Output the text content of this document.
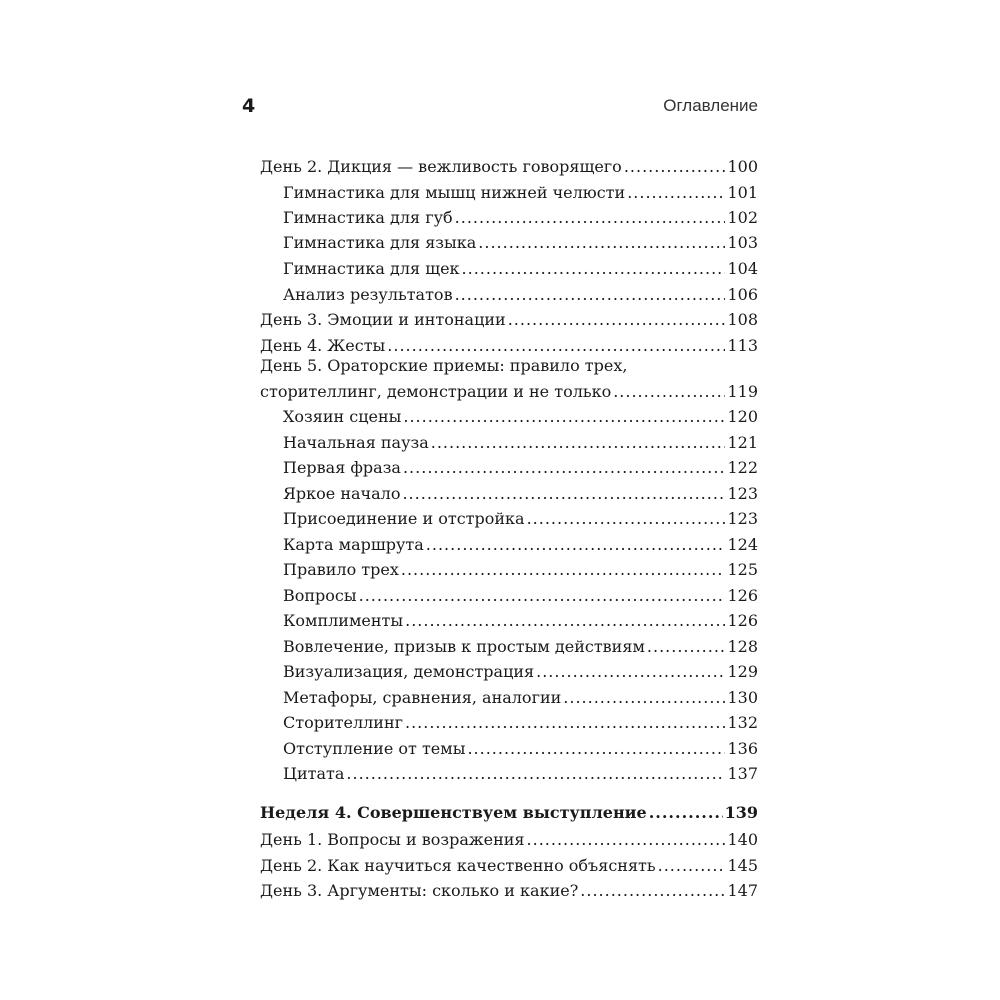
4	Оглавление
День 2. Дикция — вежливость говорящего .....	100
Гимнастика для мышц нижней челюсти .....	101
Гимнастика для губ .....	102
Гимнастика для языка .....	103
Гимнастика для щек .....	104
Анализ результатов .....	106
День 3. Эмоции и интонации .....	108
День 4. Жесты .....	113
День 5. Ораторские приемы: правило трех,
сторителлинг, демонстрации и не только .....	119
Хозяин сцены .....	120
Начальная пауза .....	121
Первая фраза .....	122
Яркое начало .....	123
Присоединение и отстройка .....	123
Карта маршрута .....	124
Правило трех .....	125
Вопросы .....	126
Комплименты .....	126
Вовлечение, призыв к простым действиям .....	128
Визуализация, демонстрация .....	129
Метафоры, сравнения, аналогии .....	130
Сторителлинг .....	132
Отступление от темы .....	136
Цитата .....	137
Неделя 4. Совершенствуем выступление .....	139
День 1. Вопросы и возражения .....	140
День 2. Как научиться качественно объяснять .....	145
День 3. Аргументы: сколько и какие? .....	147
